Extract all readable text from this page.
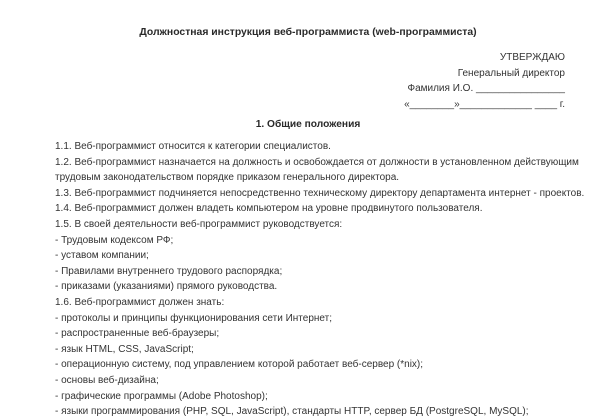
Должностная инструкция веб-программиста (web-программиста)
УТВЕРЖДАЮ
Генеральный директор
Фамилия И.О. ________________
«________»_____________ ____ г.
1. Общие положения
1.1. Веб-программист относится к категории специалистов.
1.2. Веб-программист назначается на должность и освобождается от должности в установленном действующим
трудовым законодательством порядке приказом генерального директора.
1.3. Веб-программист подчиняется непосредственно техническому директору департамента интернет - проектов.
1.4. Веб-программист должен владеть компьютером на уровне продвинутого пользователя.
1.5. В своей деятельности веб-программист руководствуется:
- Трудовым кодексом РФ;
- уставом компании;
- Правилами внутреннего трудового распорядка;
- приказами (указаниями) прямого руководства.
1.6. Веб-программист должен знать:
- протоколы и принципы функционирования сети Интернет;
- распространенные веб-браузеры;
- язык HTML, CSS, JavaScript;
- операционную систему, под управлением которой работает веб-сервер (*nix);
- основы веб-дизайна;
- графические программы (Adobe Photoshop);
- языки программирования (PHP, SQL, JavaScript), стандарты HTTP, сервер БД (PostgreSQL, MySQL);
